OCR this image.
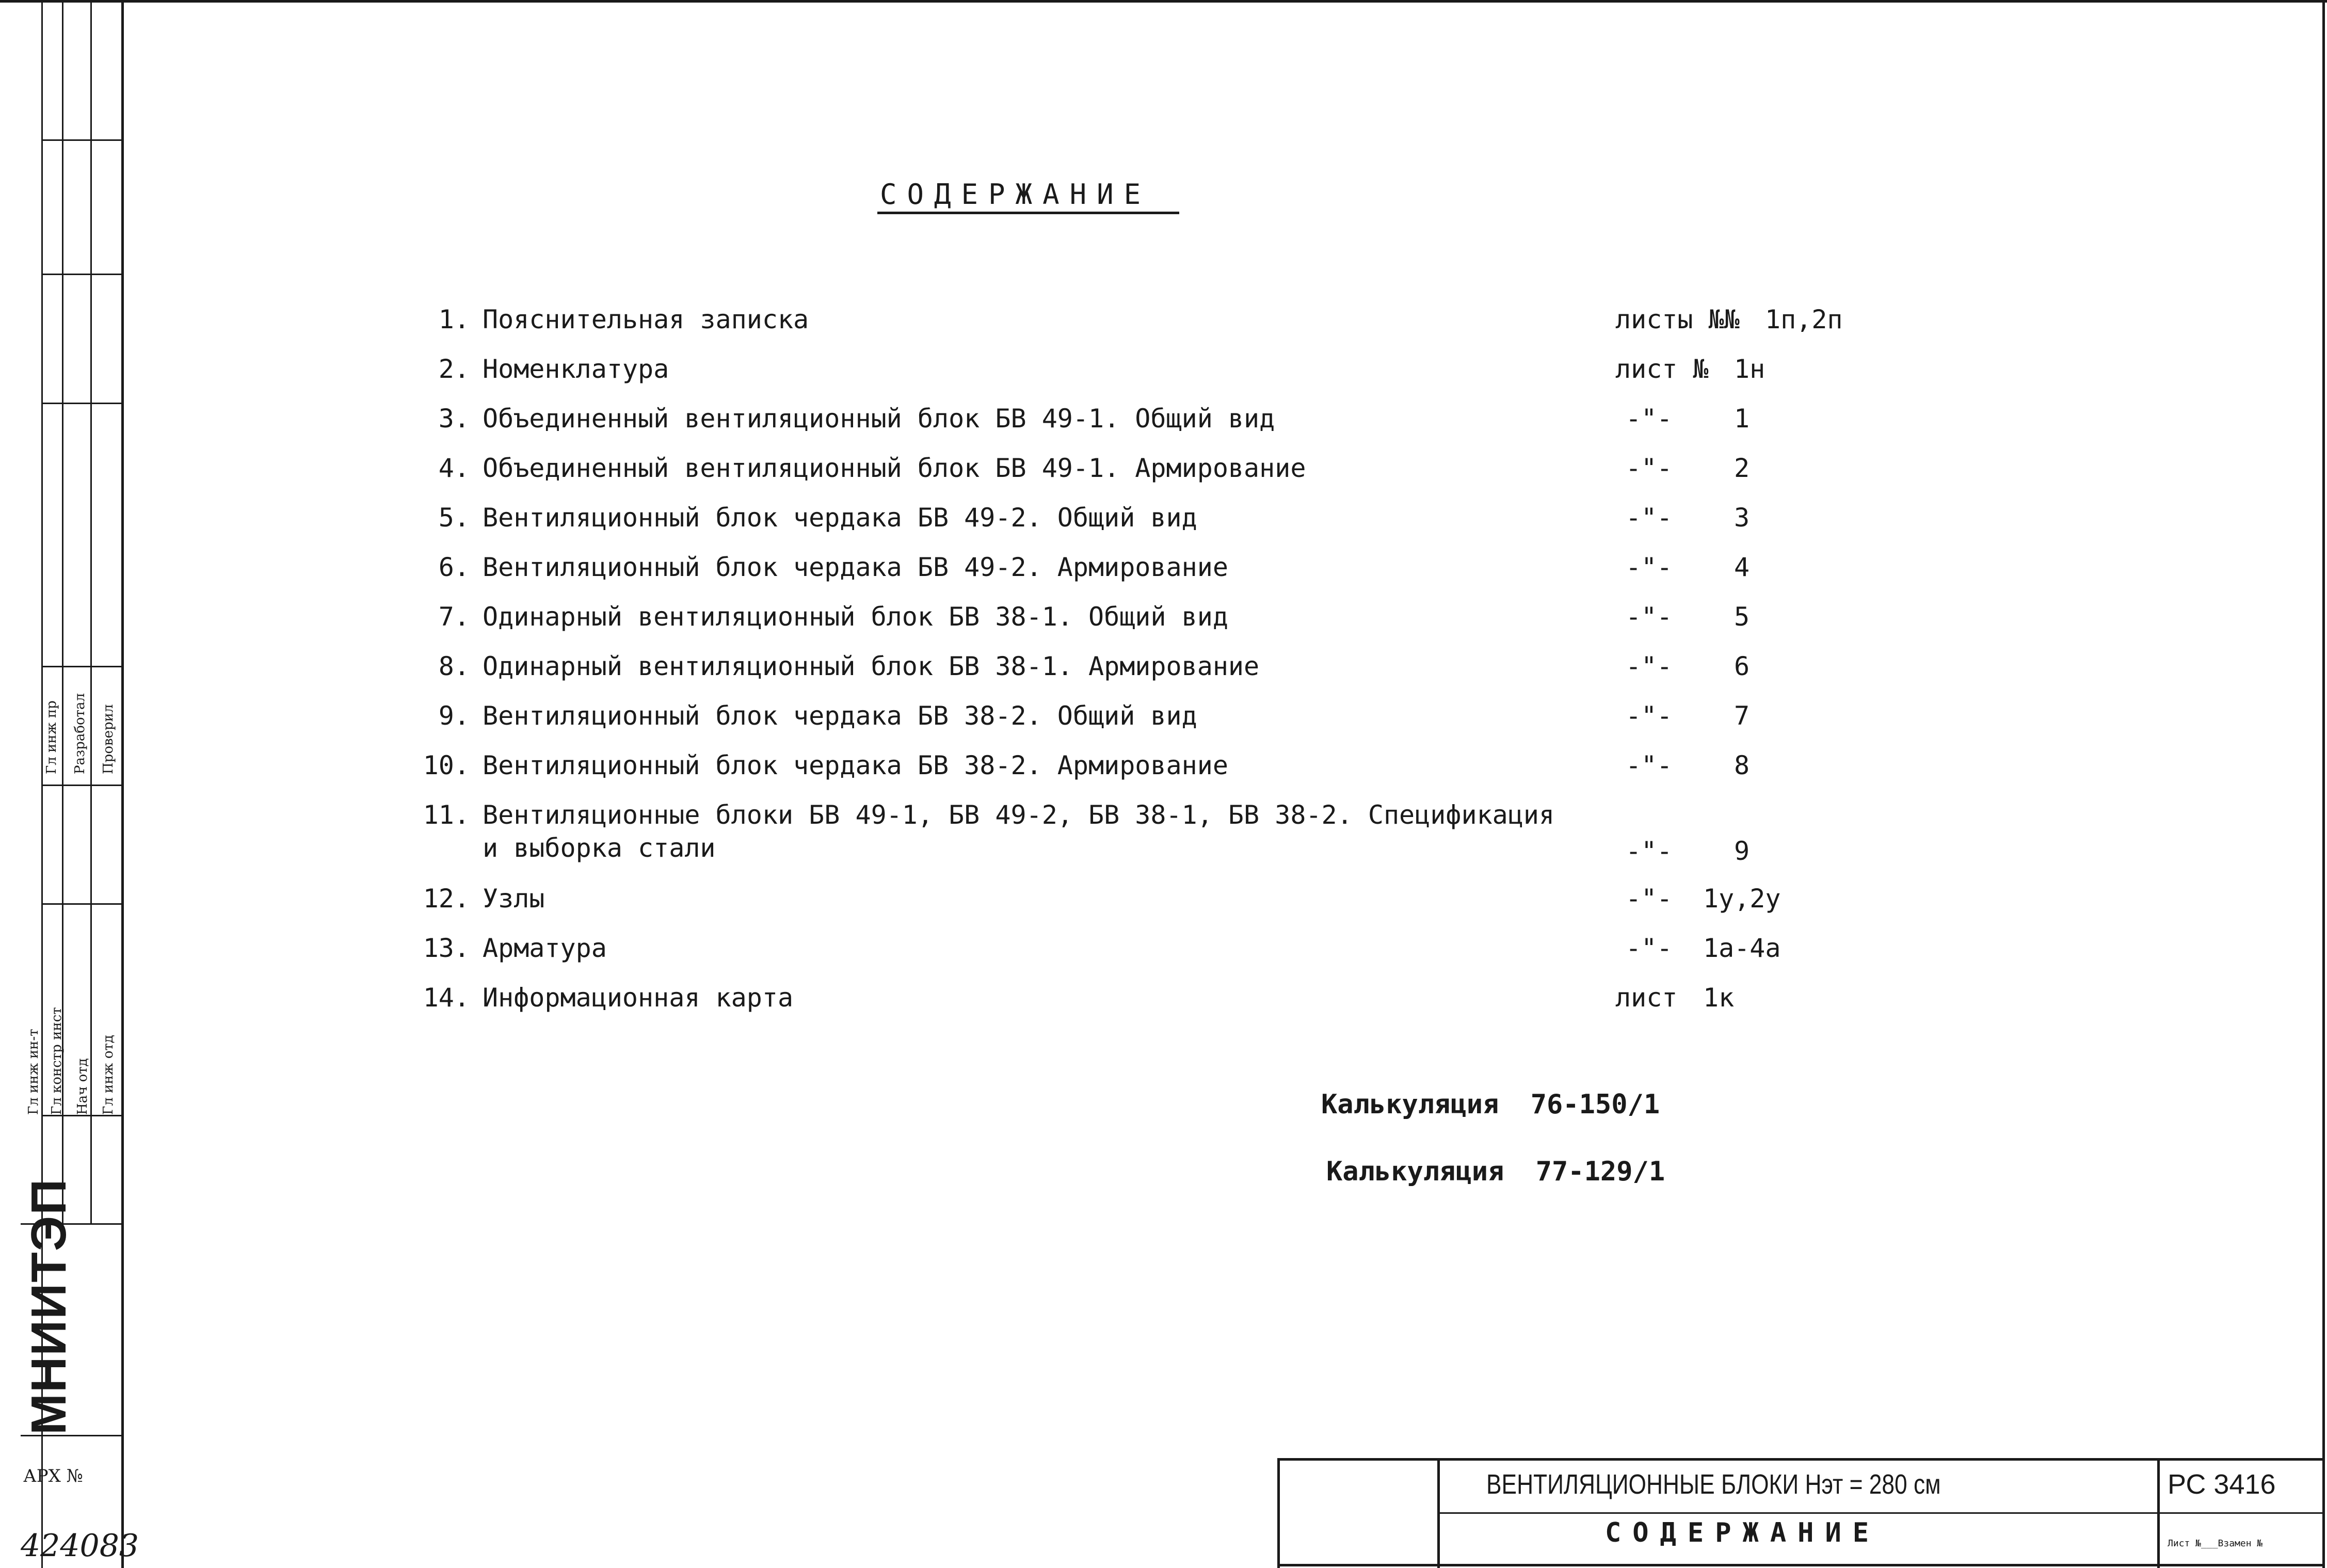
Гл инж пр Разработал Проверил
Гл инж ин-т Гл констр инст Нач отд Гл инж отд
МНИИТЭП
АРХ №
424083
СОДЕРЖАНИЕ
1. Пояснительная записка	листы №№ 1п,2п
2. Номенклатура	лист № 1н
3. Объединенный вентиляционный блок БВ 49-1. Общий вид	-"- 1
4. Объединенный вентиляционный блок БВ 49-1. Армирование	-"- 2
5. Вентиляционный блок чердака БВ 49-2. Общий вид	-"- 3
6. Вентиляционный блок чердака БВ 49-2. Армирование	-"- 4
7. Одинарный вентиляционный блок БВ 38-1. Общий вид	-"- 5
8. Одинарный вентиляционный блок БВ 38-1. Армирование	-"- 6
9. Вентиляционный блок чердака БВ 38-2. Общий вид	-"- 7
10. Вентиляционный блок чердака БВ 38-2. Армирование	-"- 8
11. Вентиляционные блоки БВ 49-1, БВ 49-2, БВ 38-1, БВ 38-2. Спецификация
и выборка стали	-"- 9
12. Узлы	-"- 1у,2у
13. Арматура	-"- 1а-4а
14. Информационная карта	лист 1к
Калькуляция 76-150/1
Калькуляция 77-129/1
ВЕНТИЛЯЦИОННЫЕ БЛОКИ Hэт = 280 см
СОДЕРЖАНИЕ
РС 3416
Лист №___Взамен №
